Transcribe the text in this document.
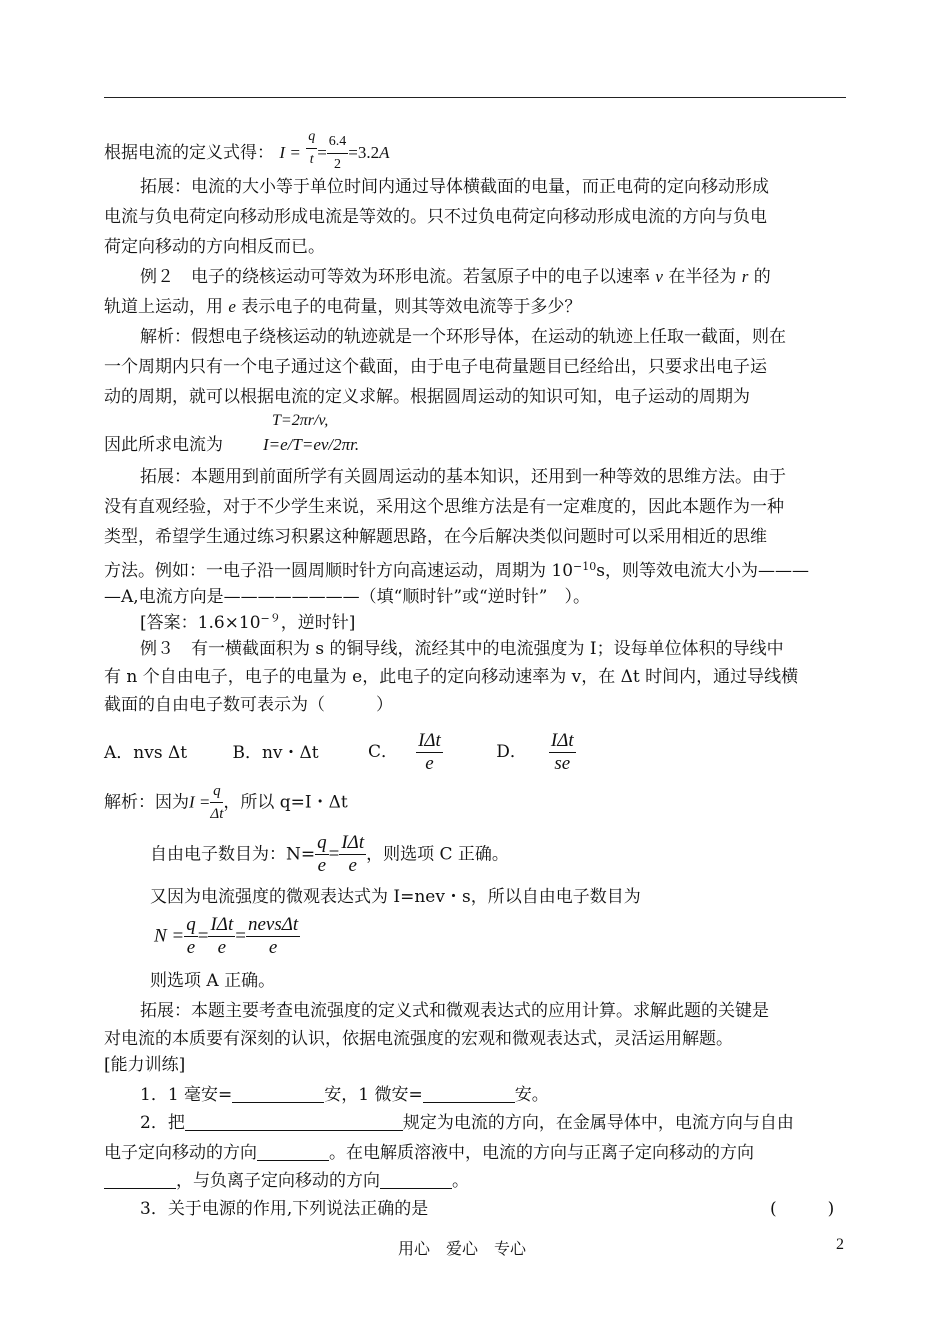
根据电流的定义式得： $I = \frac{q}{t} = \frac{6.4}{2} =3.2A$
拓展：电流的大小等于单位时间内通过导体横截面的电量，而正电荷的定向移动形成
电流与负电荷定向移动形成电流是等效的。只不过负电荷定向移动形成电流的方向与负电
荷定向移动的方向相反而已。
例２　电子的绕核运动可等效为环形电流。若氢原子中的电子以速率 v 在半径为 r 的
轨道上运动，用 e 表示电子的电荷量，则其等效电流等于多少？
解析：假想电子绕核运动的轨迹就是一个环形导体，在运动的轨迹上任取一截面，则在
一个周期内只有一个电子通过这个截面，由于电子电荷量题目已经给出，只要求出电子运
动的周期，就可以根据电流的定义求解。根据圆周运动的知识可知，电子运动的周期为
T=2πr/v,
因此所求电流为 I=e/T=ev/2πr.
拓展：本题用到前面所学有关圆周运动的基本知识，还用到一种等效的思维方法。由于
没有直观经验，对于不少学生来说，采用这个思维方法是有一定难度的，因此本题作为一种
类型，希望学生通过练习积累这种解题思路，在今后解决类似问题时可以采用相近的思维
方法。例如：一电子沿一圆周顺时针方向高速运动，周期为 $10^{-10}s$，则等效电流大小为———
—A,电流方向是————————（填“顺时针”或“逆时针”　）。
[答案：$1.6\times 10^{-9}$，逆时针]
例３　有一横截面积为 s 的铜导线，流经其中的电流强度为 I；设每单位体积的导线中
有 n 个自由电子，电子的电量为 e，此电子的定向移动速率为 v，在 Δt 时间内，通过导线横
截面的自由电子数可表示为（　　　）
A．nvs Δt	B．nv・Δt	C． $\frac{\text{IΔt}}{e}$	D． $\frac{\text{IΔt}}{se}$
解析：因为$I = \frac{q}{\Delta t}$ ，所以 q=I・Δt
自由电子数目为：$N= \frac{q}{e} = \frac{\text{IΔt}}{e}$ ，则选项 C 正确。
又因为电流强度的微观表达式为 I=nev・s，所以自由电子数目为
$N = \frac{q}{e} = \frac{\text{IΔt}}{e} = \frac{\text{nevsΔt}}{e}$
则选项 A 正确。
拓展：本题主要考查电流强度的定义式和微观表达式的应用计算。求解此题的关键是
对电流的本质要有深刻的认识，依据电流强度的宏观和微观表达式，灵活运用解题。
[能力训练]
1．1 毫安=	安，1 微安=	安。
2．把	规定为电流的方向，在金属导体中，电流方向与自由
电子定向移动的方向	。在电解质溶液中，电流的方向与正离子定向移动的方向
，与负离子定向移动的方向	。
3．关于电源的作用,下列说法正确的是	(　　　)
用心　爱心　专心	2
